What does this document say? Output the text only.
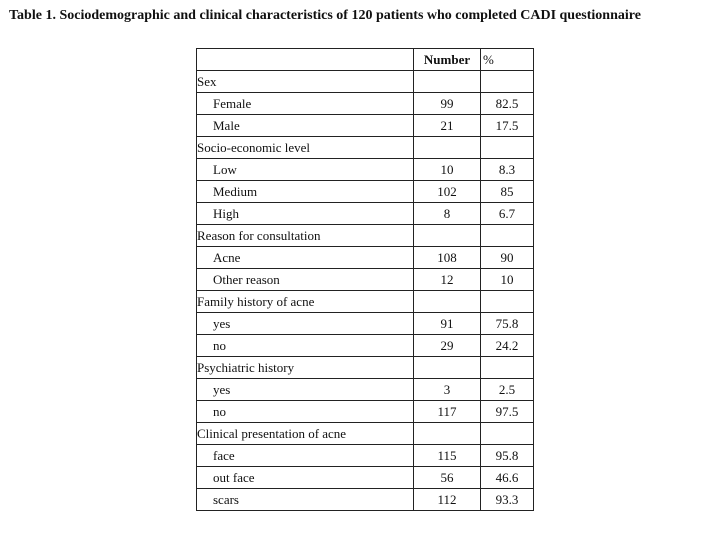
Table 1. Sociodemographic and clinical characteristics of 120 patients who completed CADI questionnaire
	Number	%
Sex		
Female	99	82.5
Male	21	17.5
Socio-economic level		
Low	10	8.3
Medium	102	85
High	8	6.7
Reason for consultation		
Acne	108	90
Other reason	12	10
Family history of acne		
yes	91	75.8
no	29	24.2
Psychiatric history		
yes	3	2.5
no	117	97.5
Clinical presentation of acne		
face	115	95.8
out face	56	46.6
scars	112	93.3
